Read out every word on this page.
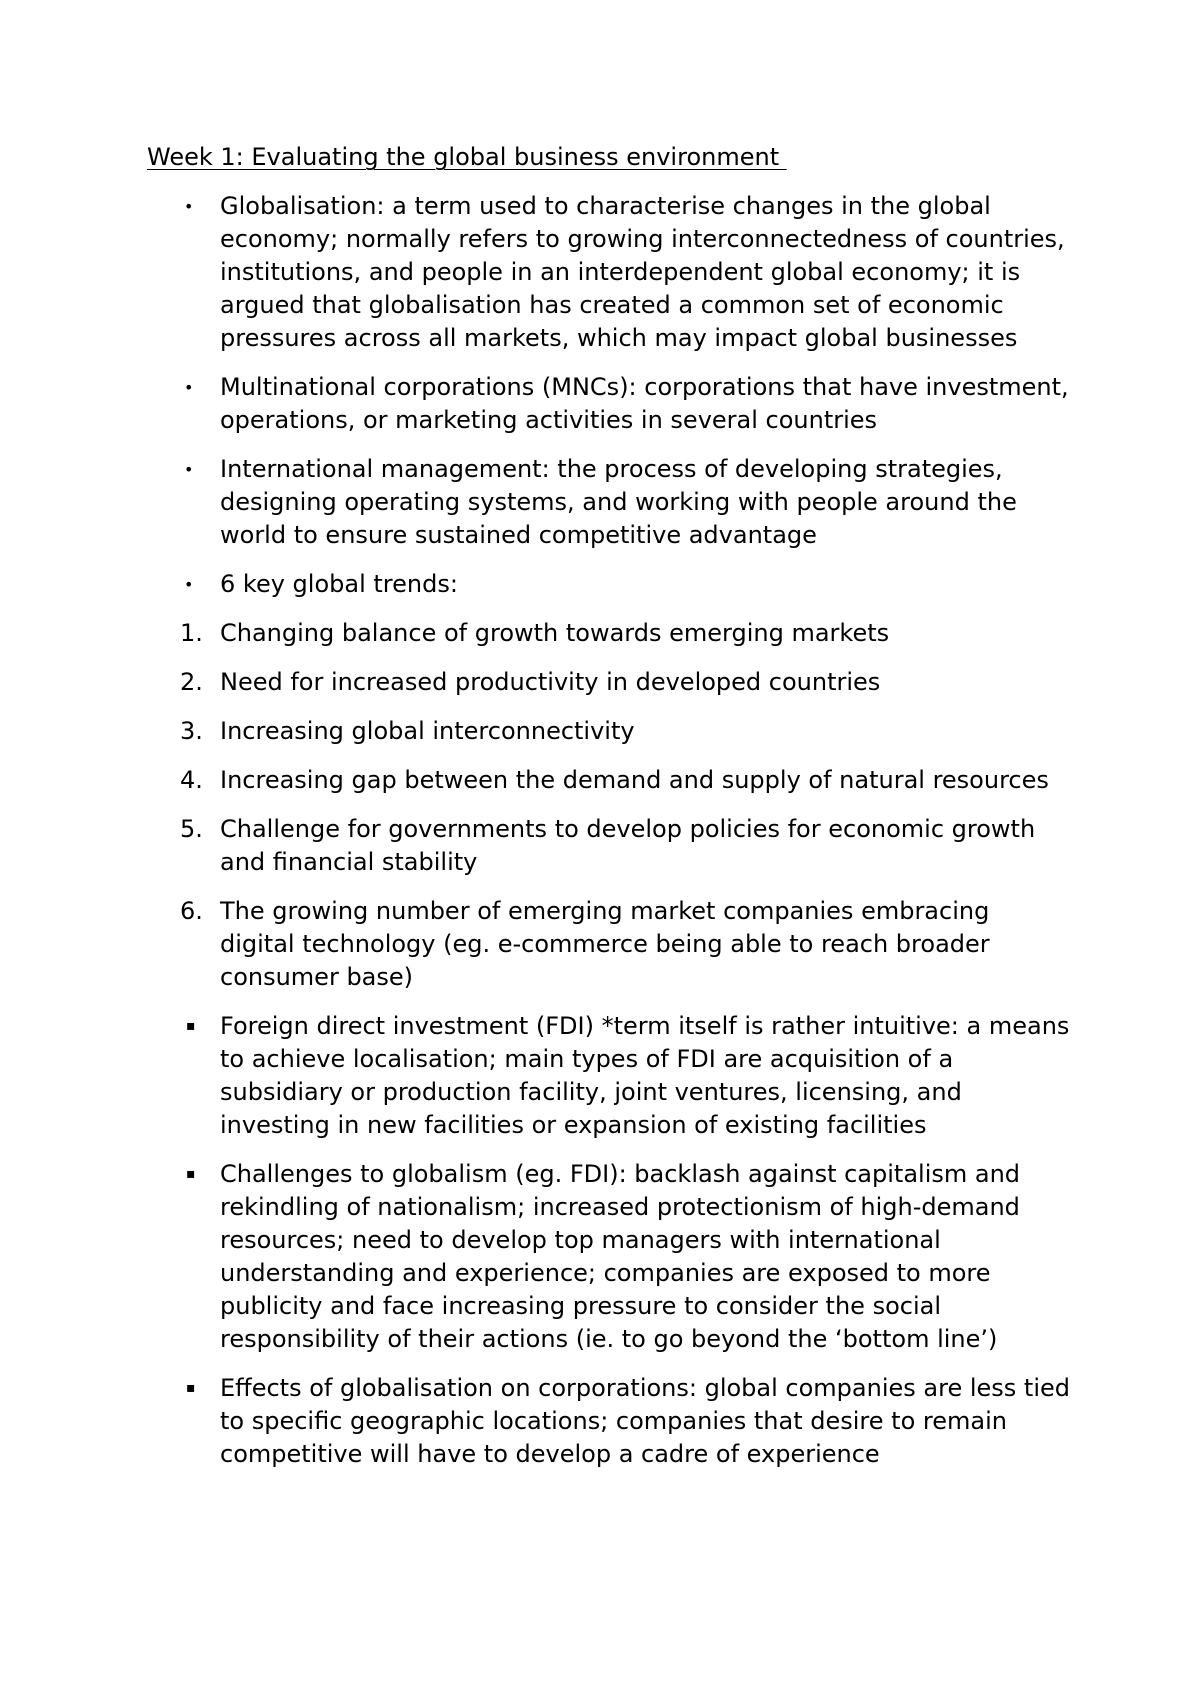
Week 1: Evaluating the global business environment
• Globalisation: a term used to characterise changes in the global economy; normally refers to growing interconnectedness of countries, institutions, and people in an interdependent global economy; it is argued that globalisation has created a common set of economic pressures across all markets, which may impact global businesses
• Multinational corporations (MNCs): corporations that have investment, operations, or marketing activities in several countries
• International management: the process of developing strategies, designing operating systems, and working with people around the world to ensure sustained competitive advantage
• 6 key global trends:
1. Changing balance of growth towards emerging markets
2. Need for increased productivity in developed countries
3. Increasing global interconnectivity
4. Increasing gap between the demand and supply of natural resources
5. Challenge for governments to develop policies for economic growth and financial stability
6. The growing number of emerging market companies embracing digital technology (eg. e-commerce being able to reach broader consumer base)
▪ Foreign direct investment (FDI) *term itself is rather intuitive: a means to achieve localisation; main types of FDI are acquisition of a subsidiary or production facility, joint ventures, licensing, and investing in new facilities or expansion of existing facilities
▪ Challenges to globalism (eg. FDI): backlash against capitalism and rekindling of nationalism; increased protectionism of high-demand resources; need to develop top managers with international understanding and experience; companies are exposed to more publicity and face increasing pressure to consider the social responsibility of their actions (ie. to go beyond the ‘bottom line’)
▪ Effects of globalisation on corporations: global companies are less tied to specific geographic locations; companies that desire to remain competitive will have to develop a cadre of experience
